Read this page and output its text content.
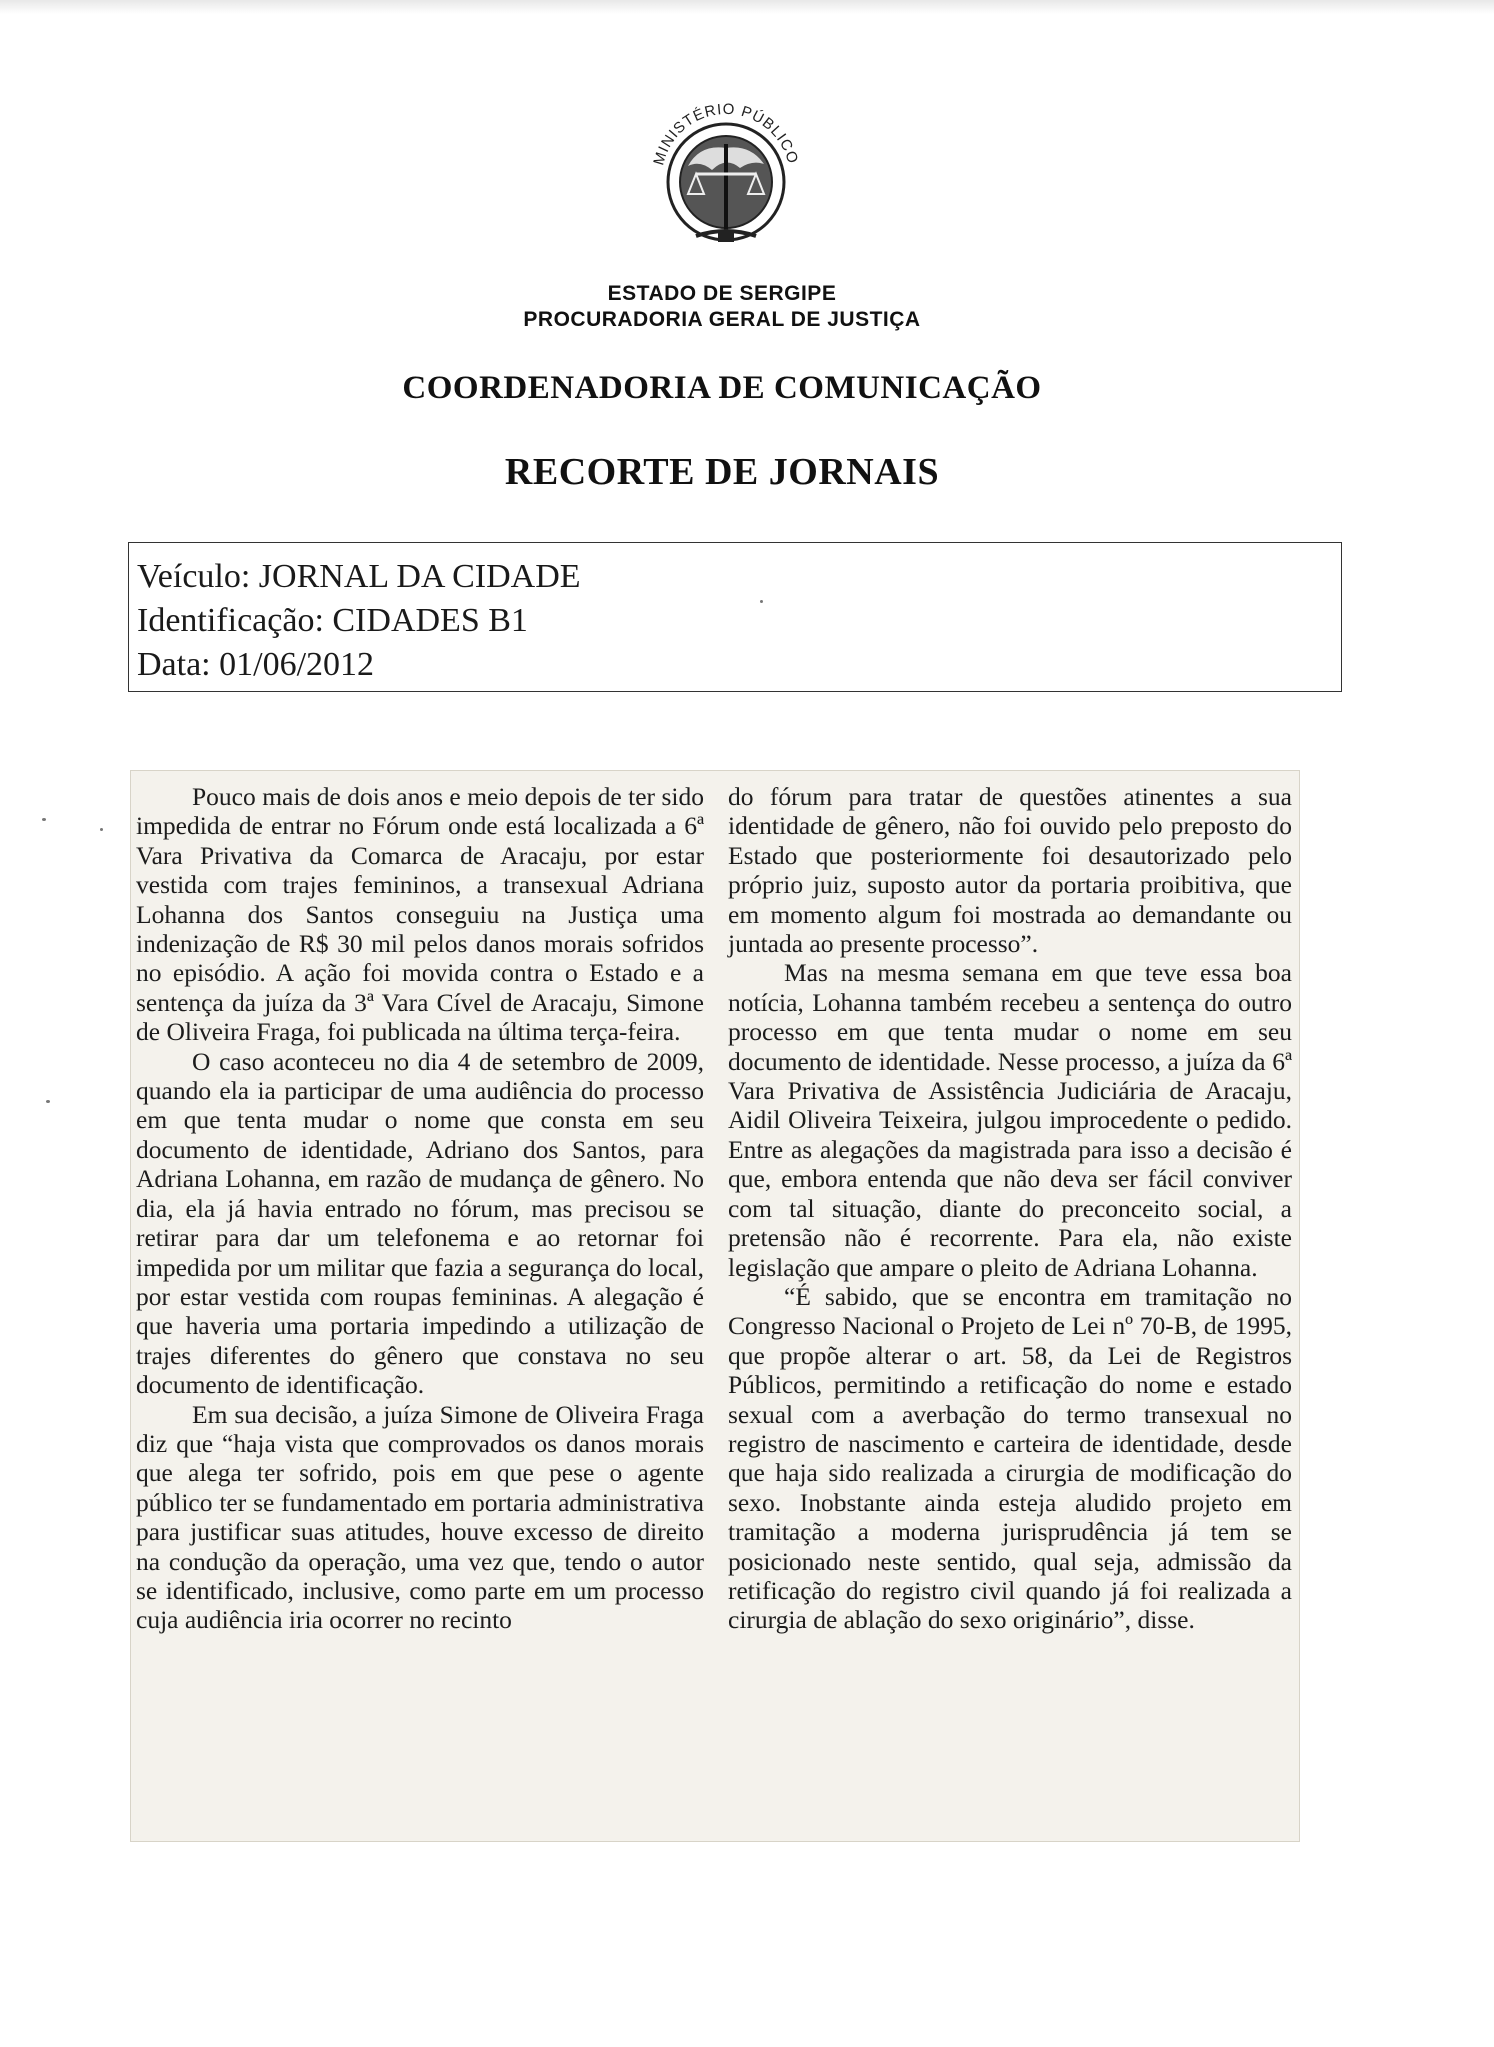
MINISTÉRIO PÚBLICO
ESTADO DE SERGIPE
PROCURADORIA GERAL DE JUSTIÇA
COORDENADORIA DE COMUNICAÇÃO
RECORTE DE JORNAIS
Veículo: JORNAL DA CIDADE
Identificação: CIDADES B1
Data: 01/06/2012

Pouco mais de dois anos e meio depois de ter sido impedida de entrar no Fórum onde está localizada a 6ª Vara Privativa da Comarca de Aracaju, por estar vestida com trajes femininos, a transexual Adriana Lohanna dos Santos conseguiu na Justiça uma indenização de R$ 30 mil pelos danos morais sofridos no episódio. A ação foi movida contra o Estado e a sentença da juíza da 3ª Vara Cível de Aracaju, Simone de Oliveira Fraga, foi publicada na última terça-feira.

O caso aconteceu no dia 4 de setembro de 2009, quando ela ia participar de uma audiência do processo em que tenta mudar o nome que consta em seu documento de identidade, Adriano dos Santos, para Adriana Lohanna, em razão de mudança de gênero. No dia, ela já havia entrado no fórum, mas precisou se retirar para dar um telefonema e ao retornar foi impedida por um militar que fazia a segurança do local, por estar vestida com roupas femininas. A alegação é que haveria uma portaria impedindo a utilização de trajes diferentes do gênero que constava no seu documento de identificação.

Em sua decisão, a juíza Simone de Oliveira Fraga diz que “haja vista que comprovados os danos morais que alega ter sofrido, pois em que pese o agente público ter se fundamentado em portaria administrativa para justificar suas atitudes, houve excesso de direito na condução da operação, uma vez que, tendo o autor se identificado, inclusive, como parte em um processo cuja audiência iria ocorrer no recinto

do fórum para tratar de questões atinentes a sua identidade de gênero, não foi ouvido pelo preposto do Estado que posteriormente foi desautorizado pelo próprio juiz, suposto autor da portaria proibitiva, que em momento algum foi mostrada ao demandante ou juntada ao presente processo”.

Mas na mesma semana em que teve essa boa notícia, Lohanna também recebeu a sentença do outro processo em que tenta mudar o nome em seu documento de identidade. Nesse processo, a juíza da 6ª Vara Privativa de Assistência Judiciária de Aracaju, Aidil Oliveira Teixeira, julgou improcedente o pedido. Entre as alegações da magistrada para isso a decisão é que, embora entenda que não deva ser fácil conviver com tal situação, diante do preconceito social, a pretensão não é recorrente. Para ela, não existe legislação que ampare o pleito de Adriana Lohanna.

“É sabido, que se encontra em tramitação no Congresso Nacional o Projeto de Lei nº 70-B, de 1995, que propõe alterar o art. 58, da Lei de Registros Públicos, permitindo a retificação do nome e estado sexual com a averbação do termo transexual no registro de nascimento e carteira de identidade, desde que haja sido realizada a cirurgia de modificação do sexo. Inobstante ainda esteja aludido projeto em tramitação a moderna jurisprudência já tem se posicionado neste sentido, qual seja, admissão da retificação do registro civil quando já foi realizada a cirurgia de ablação do sexo originário”, disse.
